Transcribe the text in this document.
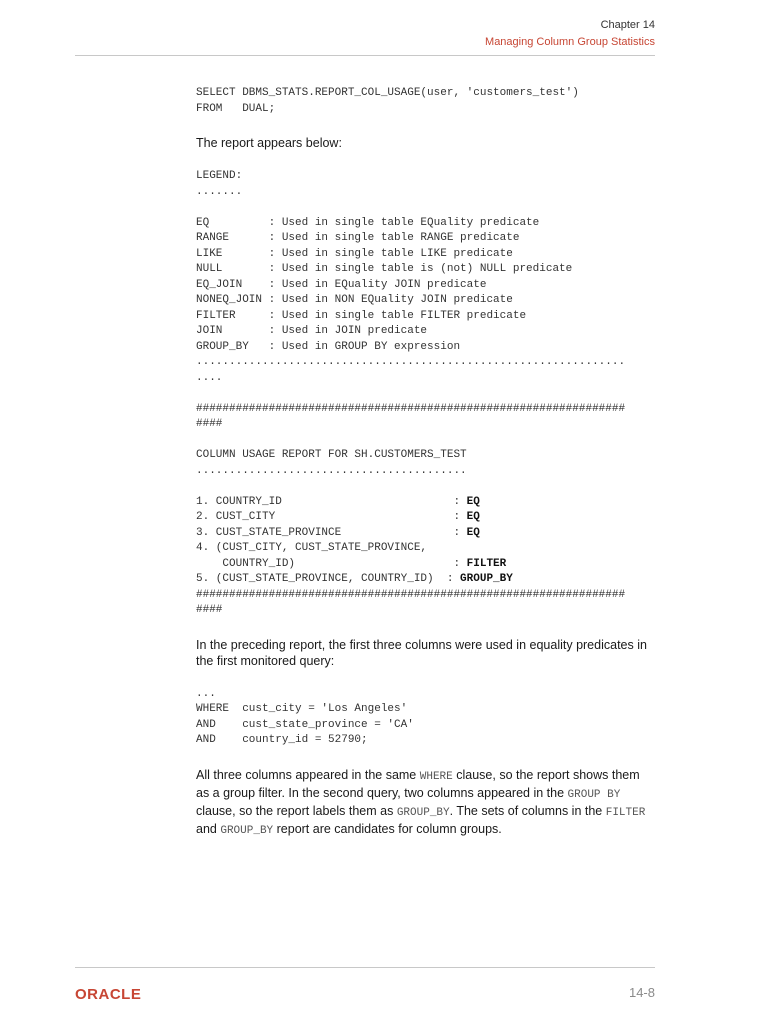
Chapter 14
Managing Column Group Statistics
SELECT DBMS_STATS.REPORT_COL_USAGE(user, 'customers_test')
FROM   DUAL;

The report appears below:

LEGEND:
.......

EQ         : Used in single table EQuality predicate
RANGE      : Used in single table RANGE predicate
LIKE       : Used in single table LIKE predicate
NULL       : Used in single table is (not) NULL predicate
EQ_JOIN    : Used in EQuality JOIN predicate
NONEQ_JOIN : Used in NON EQuality JOIN predicate
FILTER     : Used in single table FILTER predicate
JOIN       : Used in JOIN predicate
GROUP_BY   : Used in GROUP BY expression
.................................................................
....

#################################################################
####

COLUMN USAGE REPORT FOR SH.CUSTOMERS_TEST
.........................................

1. COUNTRY_ID                          : EQ
2. CUST_CITY                           : EQ
3. CUST_STATE_PROVINCE                 : EQ
4. (CUST_CITY, CUST_STATE_PROVINCE,
COUNTRY_ID)                        : FILTER
5. (CUST_STATE_PROVINCE, COUNTRY_ID)  : GROUP_BY
#################################################################
####

In the preceding report, the first three columns were used in equality predicates in the first monitored query:

...
WHERE  cust_city = 'Los Angeles'
AND    cust_state_province = 'CA'
AND    country_id = 52790;

All three columns appeared in the same WHERE clause, so the report shows them as a group filter. In the second query, two columns appeared in the GROUP BY clause, so the report labels them as GROUP_BY. The sets of columns in the FILTER and GROUP_BY report are candidates for column groups.

ORACLE	14-8
